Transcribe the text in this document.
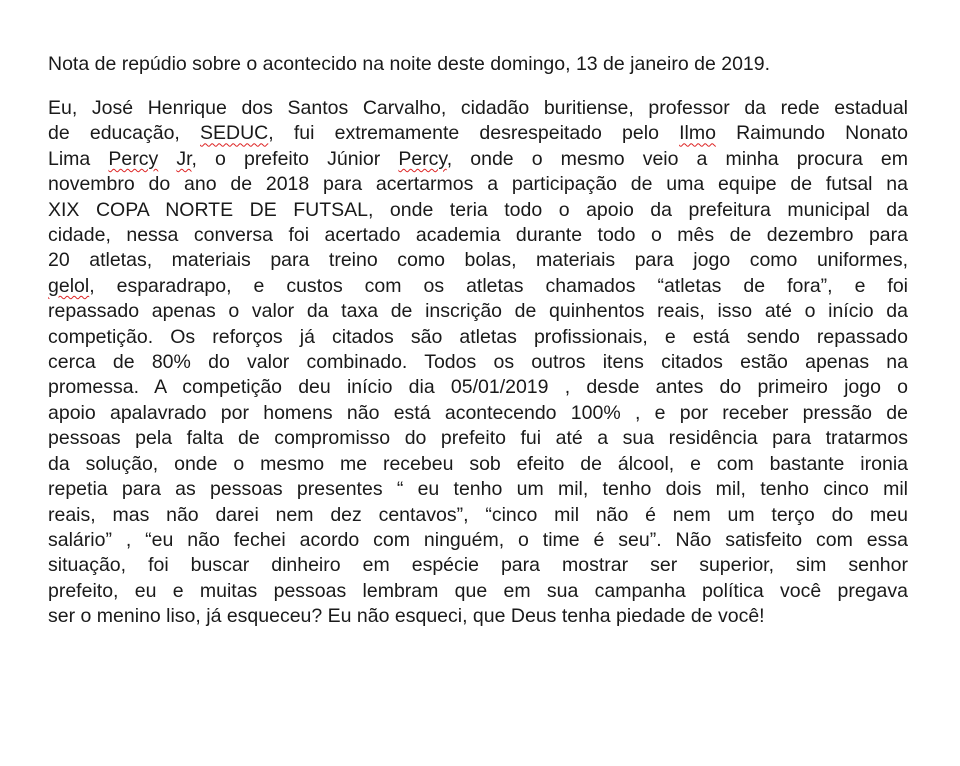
Nota de repúdio sobre o acontecido na noite deste domingo, 13 de janeiro de 2019.

Eu, José Henrique dos Santos Carvalho, cidadão buritiense, professor da rede estadual
de educação, SEDUC, fui extremamente desrespeitado pelo Ilmo Raimundo Nonato
Lima Percy Jr, o prefeito Júnior Percy, onde o mesmo veio a minha procura em
novembro do ano de 2018 para acertarmos a participação de uma equipe de futsal na
XIX COPA NORTE DE FUTSAL, onde teria todo o apoio da prefeitura municipal da
cidade, nessa conversa foi acertado academia durante todo o mês de dezembro para
20 atletas, materiais para treino como bolas, materiais para jogo como uniformes,
gelol, esparadrapo, e custos com os atletas chamados “atletas de fora”, e foi
repassado apenas o valor da taxa de inscrição de quinhentos reais, isso até o início da
competição. Os reforços já citados são atletas profissionais, e está sendo repassado
cerca de 80% do valor combinado. Todos os outros itens citados estão apenas na
promessa. A competição deu início dia 05/01/2019 , desde antes do primeiro jogo o
apoio apalavrado por homens não está acontecendo 100% , e por receber pressão de
pessoas pela falta de compromisso do prefeito fui até a sua residência para tratarmos
da solução, onde o mesmo me recebeu sob efeito de álcool, e com bastante ironia
repetia para as pessoas presentes “ eu tenho um mil, tenho dois mil, tenho cinco mil
reais, mas não darei nem dez centavos”, “cinco mil não é nem um terço do meu
salário” , “eu não fechei acordo com ninguém, o time é seu”. Não satisfeito com essa
situação, foi buscar dinheiro em espécie para mostrar ser superior, sim senhor
prefeito, eu e muitas pessoas lembram que em sua campanha política você pregava
ser o menino liso, já esqueceu? Eu não esqueci, que Deus tenha piedade de você!
